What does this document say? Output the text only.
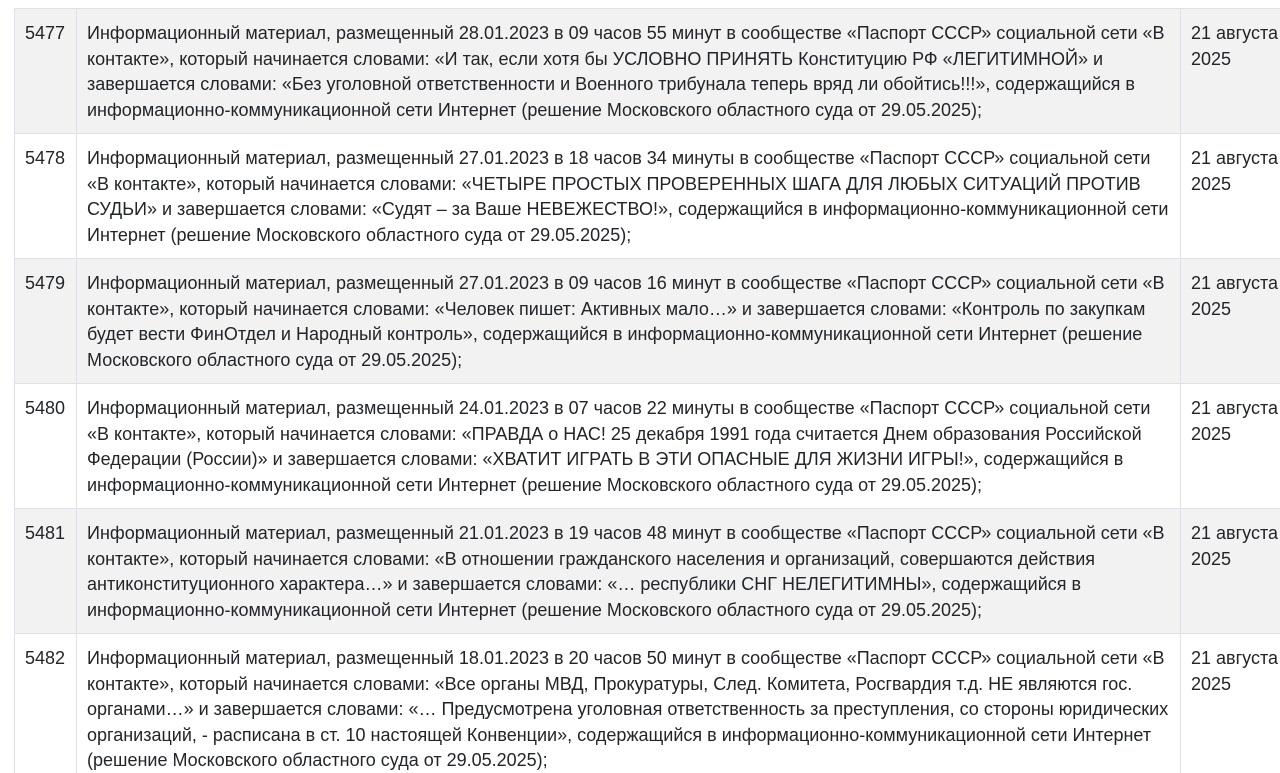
5477	Информационный материал, размещенный 28.01.2023 в 09 часов 55 минут в сообществе «Паспорт СССР» социальной сети «В контакте», который начинается словами: «И так, если хотя бы УСЛОВНО ПРИНЯТЬ Конституцию РФ «ЛЕГИТИМНОЙ» и завершается словами: «Без уголовной ответственности и Военного трибунала теперь вряд ли обойтись!!!», содержащийся в информационно-коммуникационной сети Интернет (решение Московского областного суда от 29.05.2025);	21 августа 2025
5478	Информационный материал, размещенный 27.01.2023 в 18 часов 34 минуты в сообществе «Паспорт СССР» социальной сети «В контакте», который начинается словами: «ЧЕТЫРЕ ПРОСТЫХ ПРОВЕРЕННЫХ ШАГА ДЛЯ ЛЮБЫХ СИТУАЦИЙ ПРОТИВ СУДЬИ» и завершается словами: «Судят – за Ваше НЕВЕЖЕСТВО!», содержащийся в информационно-коммуникационной сети Интернет (решение Московского областного суда от 29.05.2025);	21 августа 2025
5479	Информационный материал, размещенный 27.01.2023 в 09 часов 16 минут в сообществе «Паспорт СССР» социальной сети «В контакте», который начинается словами: «Человек пишет: Активных мало…» и завершается словами: «Контроль по закупкам будет вести ФинОтдел и Народный контроль», содержащийся в информационно-коммуникационной сети Интернет (решение Московского областного суда от 29.05.2025);	21 августа 2025
5480	Информационный материал, размещенный 24.01.2023 в 07 часов 22 минуты в сообществе «Паспорт СССР» социальной сети «В контакте», который начинается словами: «ПРАВДА о НАС! 25 декабря 1991 года считается Днем образования Российской Федерации (России)» и завершается словами: «ХВАТИТ ИГРАТЬ В ЭТИ ОПАСНЫЕ ДЛЯ ЖИЗНИ ИГРЫ!», содержащийся в информационно-коммуникационной сети Интернет (решение Московского областного суда от 29.05.2025);	21 августа 2025
5481	Информационный материал, размещенный 21.01.2023 в 19 часов 48 минут в сообществе «Паспорт СССР» социальной сети «В контакте», который начинается словами: «В отношении гражданского населения и организаций, совершаются действия антиконституционного характера…» и завершается словами: «… республики СНГ НЕЛЕГИТИМНЫ», содержащийся в информационно-коммуникационной сети Интернет (решение Московского областного суда от 29.05.2025);	21 августа 2025
5482	Информационный материал, размещенный 18.01.2023 в 20 часов 50 минут в сообществе «Паспорт СССР» социальной сети «В контакте», который начинается словами: «Все органы МВД, Прокуратуры, След. Комитета, Росгвардия т.д. НЕ являются гос. органами…» и завершается словами: «… Предусмотрена уголовная ответственность за преступления, со стороны юридических организаций, - расписана в ст. 10 настоящей Конвенции», содержащийся в информационно-коммуникационной сети Интернет (решение Московского областного суда от 29.05.2025);	21 августа 2025
